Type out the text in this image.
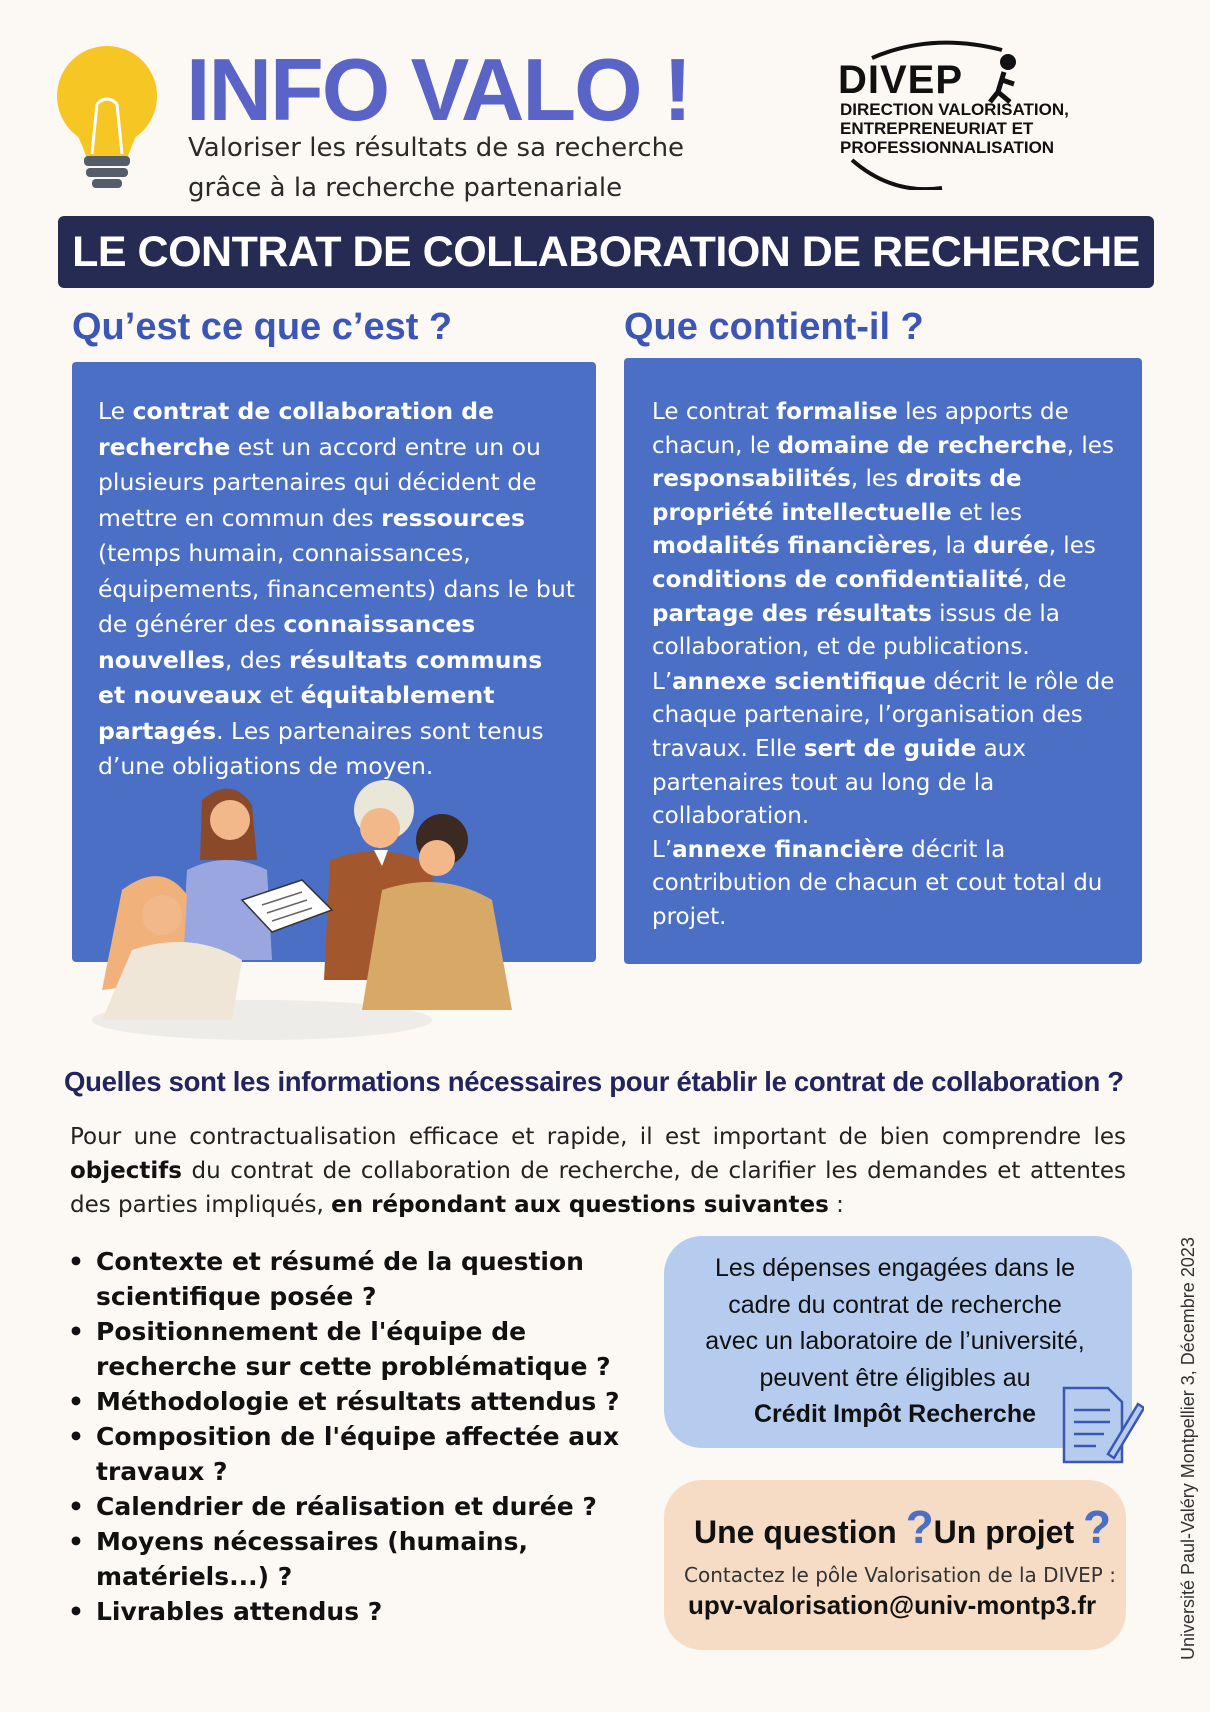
INFO VALO !
Valoriser les résultats de sa recherche
grâce à la recherche partenariale
DIVEP
DIRECTION VALORISATION,
ENTREPRENEURIAT ET
PROFESSIONNALISATION
LE CONTRAT DE COLLABORATION DE RECHERCHE
Qu’est ce que c’est ?
Le contrat de collaboration de recherche est un accord entre un ou plusieurs partenaires qui décident de mettre en commun des ressources (temps humain, connaissances, équipements, financements) dans le but de générer des connaissances nouvelles, des résultats communs et nouveaux et équitablement partagés. Les partenaires sont tenus d’une obligations de moyen.
Que contient-il ?
Le contrat formalise les apports de chacun, le domaine de recherche, les responsabilités, les droits de propriété intellectuelle et les modalités financières, la durée, les conditions de confidentialité, de partage des résultats issus de la collaboration, et de publications.
L’annexe scientifique décrit le rôle de chaque partenaire, l’organisation des travaux. Elle sert de guide aux partenaires tout au long de la collaboration.
L’annexe financière décrit la contribution de chacun et cout total du projet.
Quelles sont les informations nécessaires pour établir le contrat de collaboration ?
Pour une contractualisation efficace et rapide, il est important de bien comprendre les objectifs du contrat de collaboration de recherche, de clarifier les demandes et attentes des parties impliqués, en répondant aux questions suivantes :
• Contexte et résumé de la question scientifique posée ?
• Positionnement de l'équipe de recherche sur cette problématique ?
• Méthodologie et résultats attendus ?
• Composition de l'équipe affectée aux travaux ?
• Calendrier de réalisation et durée ?
• Moyens nécessaires (humains, matériels...) ?
• Livrables attendus ?
Les dépenses engagées dans le
cadre du contrat de recherche
avec un laboratoire de l’université,
peuvent être éligibles au
Crédit Impôt Recherche
Une question ?Un projet ?
Contactez le pôle Valorisation de la DIVEP :
upv-valorisation@univ-montp3.fr	Université Paul-Valéry Montpellier 3, Décembre 2023
